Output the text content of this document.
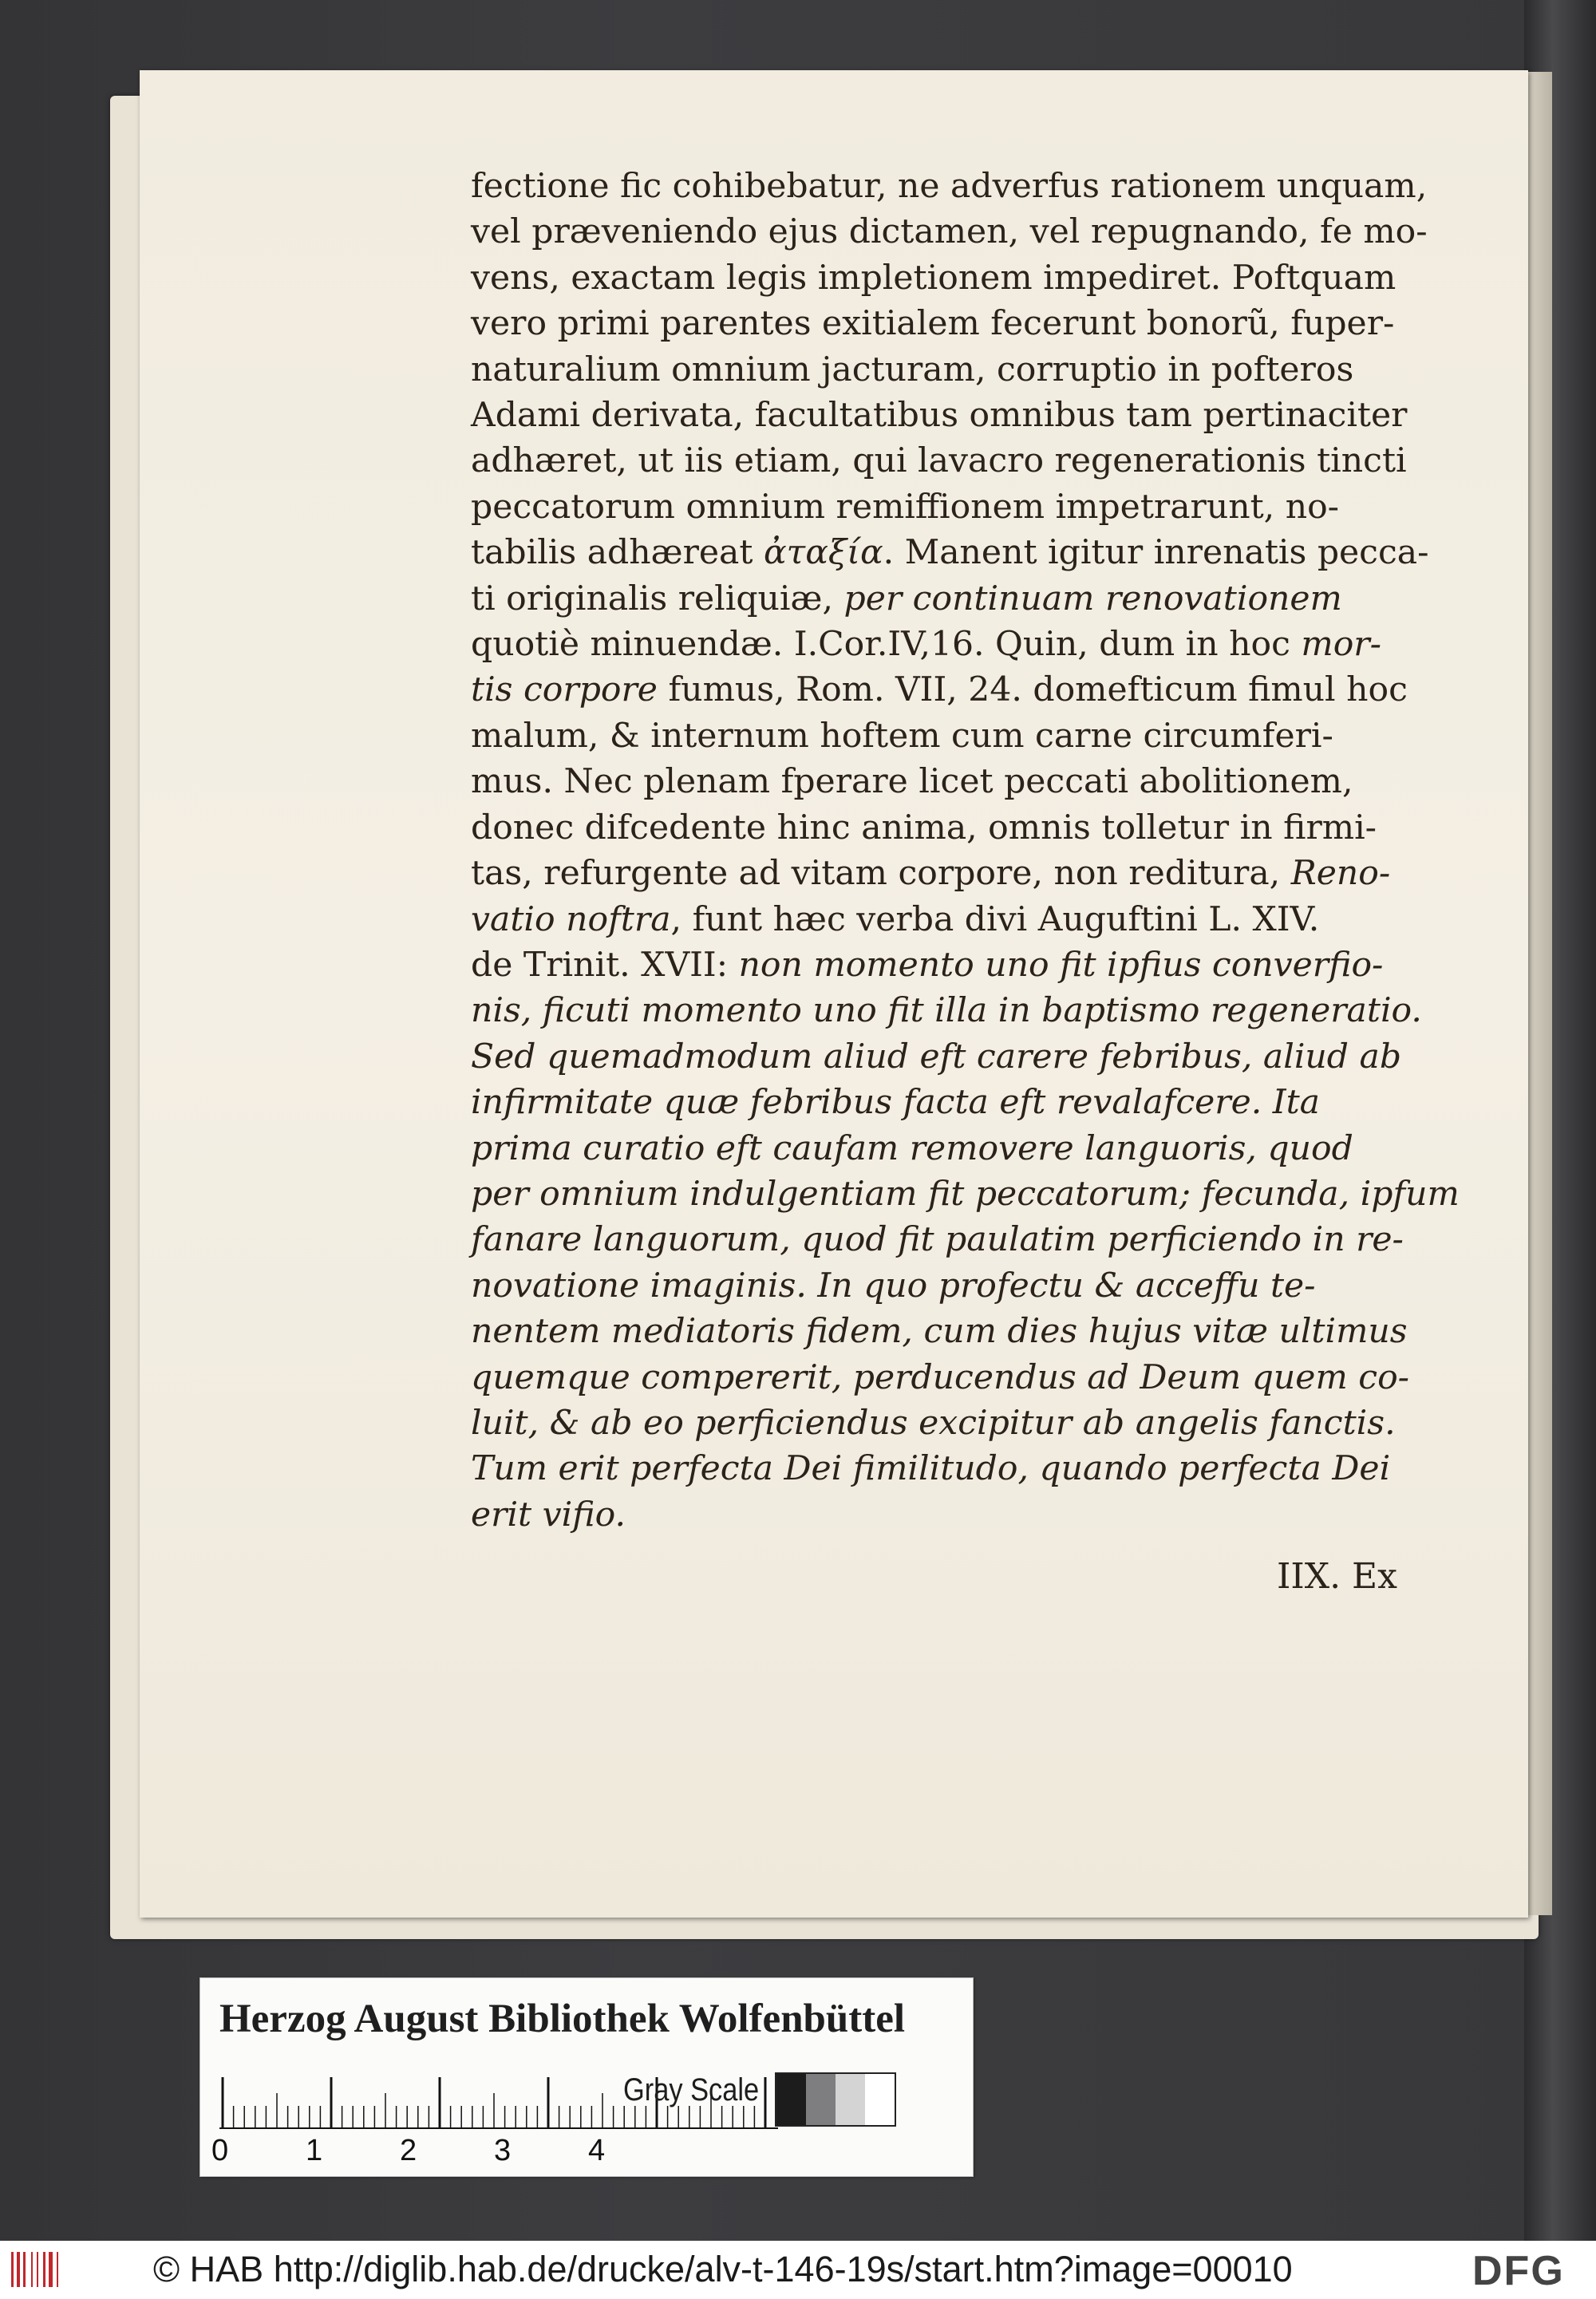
fectione fic cohibebatur, ne adverfus rationem unquam,
vel præveniendo ejus dictamen, vel repugnando, fe mo-
vens, exactam legis impletionem impediret. Poftquam
vero primi parentes exitialem fecerunt bonorũ, fuper-
naturalium omnium jacturam, corruptio in pofteros
Adami derivata, facultatibus omnibus tam pertinaciter
adhæret, ut iis etiam, qui lavacro regenerationis tincti
peccatorum omnium remiffionem impetrarunt, no-
tabilis adhæreat ἀταξία. Manent igitur inrenatis pecca-
ti originalis reliquiæ, per continuam renovationem
quotiè minuendæ. I.Cor.IV,16. Quin, dum in hoc mor-
tis corpore fumus, Rom. VII, 24. domefticum fimul hoc
malum, & internum hoftem cum carne circumferi-
mus. Nec plenam fperare licet peccati abolitionem,
donec difcedente hinc anima, omnis tolletur in firmi-
tas, refurgente ad vitam corpore, non reditura, Reno-
vatio noftra, funt hæc verba divi Auguftini L. XIV.
de Trinit. XVII: non momento uno fit ipfius converfio-
nis, ficuti momento uno fit illa in baptismo regeneratio.
Sed quemadmodum aliud eft carere febribus, aliud ab
infirmitate quæ febribus facta eft revalafcere. Ita
prima curatio eft caufam removere languoris, quod
per omnium indulgentiam fit peccatorum; fecunda, ipfum
fanare languorum, quod fit paulatim perficiendo in re-
novatione imaginis. In quo profectu & acceffu te-
nentem mediatoris fidem, cum dies hujus vitæ ultimus
quemque compererit, perducendus ad Deum quem co-
luit, & ab eo perficiendus excipitur ab angelis fanctis.
Tum erit perfecta Dei fimilitudo, quando perfecta Dei
erit vifio.
IIX. Ex
Herzog August Bibliothek Wolfenbüttel
0	1	2	3	4
Gray Scale
© HAB http://diglib.hab.de/drucke/alv-t-146-19s/start.htm?image=00010	DFG
